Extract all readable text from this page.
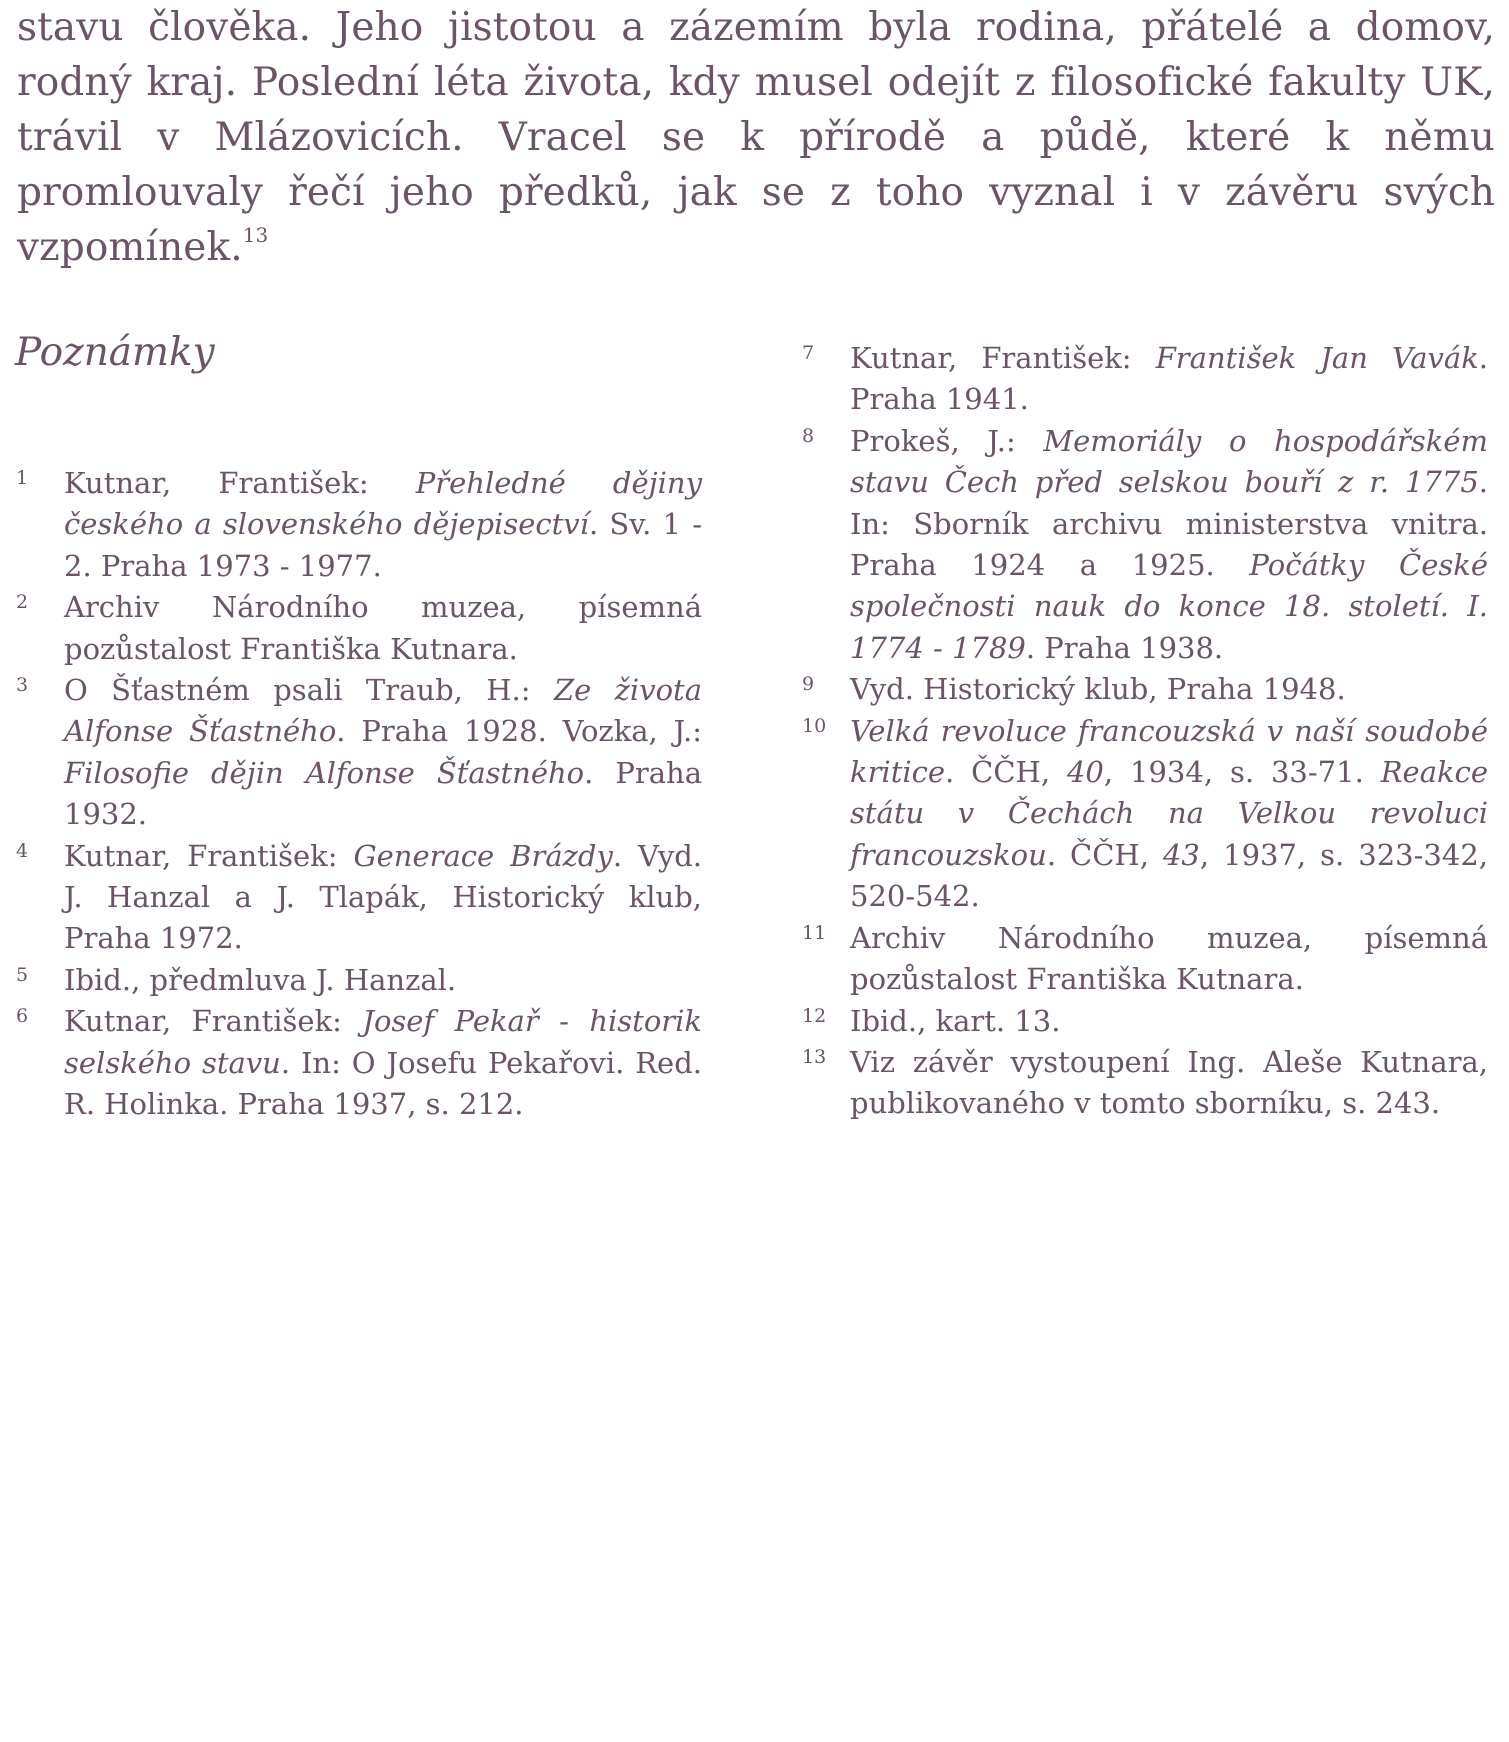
stavu člověka. Jeho jistotou a zázemím byla rodina, přátelé a domov, rodný kraj. Poslední léta života, kdy musel odejít z filosofické fakulty UK, trávil v Mlázovicích. Vracel se k přírodě a půdě, které k němu promlouvaly řečí jeho předků, jak se z toho vyznal i v závěru svých vzpomínek.$^{13}$

Poznámky
1 Kutnar, František: Přehledné dějiny českého a slovenského dějepisectví. Sv. 1 - 2. Praha 1973 - 1977.
2 Archiv Národního muzea, písemná pozůstalost Františka Kutnara.
3 O Šťastném psali Traub, H.: Ze života Alfonse Šťastného. Praha 1928. Vozka, J.: Filosofie dějin Alfonse Šťastného. Praha 1932.
4 Kutnar, František: Generace Brázdy. Vyd. J. Hanzal a J. Tlapák, Historický klub, Praha 1972.
5 Ibid., předmluva J. Hanzal.
6 Kutnar, František: Josef Pekař - historik selského stavu. In: O Josefu Pekařovi. Red. R. Holinka. Praha 1937, s. 212.
7 Kutnar, František: František Jan Vavák. Praha 1941.
8 Prokeš, J.: Memoriály o hospodářském stavu Čech před selskou bouří z r. 1775. In: Sborník archivu ministerstva vnitra. Praha 1924 a 1925. Počátky České společnosti nauk do konce 18. století. I. 1774 - 1789. Praha 1938.
9 Vyd. Historický klub, Praha 1948.
10 Velká revoluce francouzská v naší soudobé kritice. ČČH, 40, 1934, s. 33-71. Reakce státu v Čechách na Velkou revoluci francouzskou. ČČH, 43, 1937, s. 323-342, 520-542.
11 Archiv Národního muzea, písemná pozůstalost Františka Kutnara.
12 Ibid., kart. 13.
13 Viz závěr vystoupení Ing. Aleše Kutnara, publikovaného v tomto sborníku, s. 243.
